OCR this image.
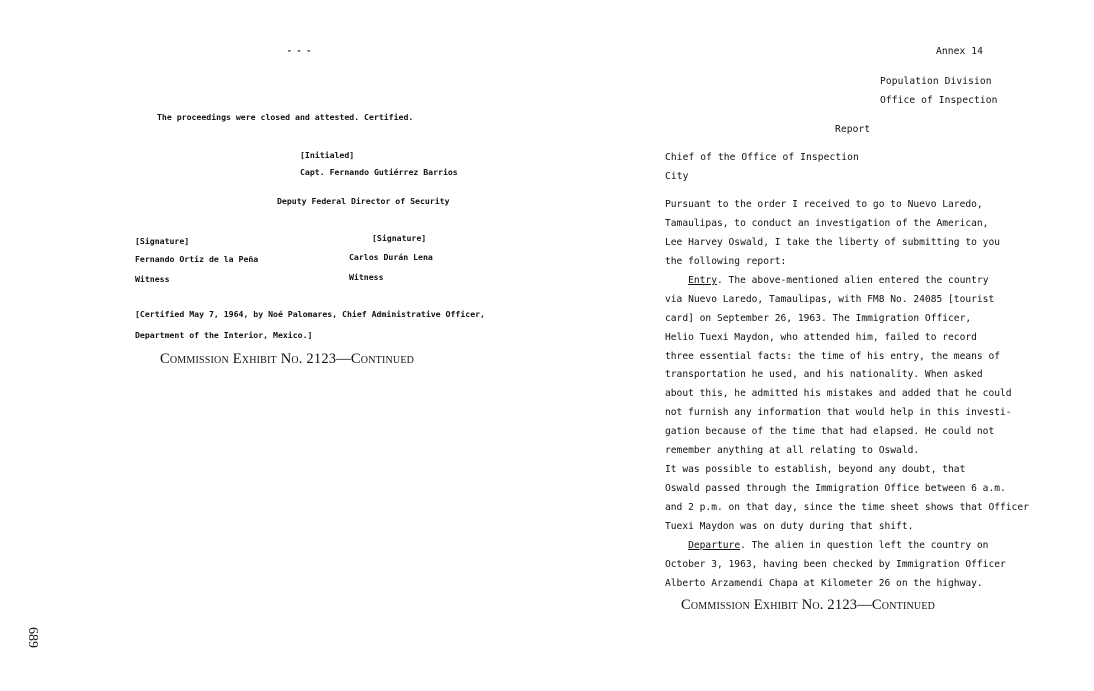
- - -
The proceedings were closed and attested. Certified.
[Initialed]
Capt. Fernando Gutiérrez Barrios
Deputy Federal Director of Security
[Signature]
Fernando Ortiz de la Peña
Witness
[Signature]
Carlos Durán Lena
Witness
[Certified May 7, 1964, by Noé Palomares, Chief Administrative Officer,
Department of the Interior, Mexico.]
Commission Exhibit No. 2123—Continued
689
Annex 14
Population Division
Office of Inspection
Report
Chief of the Office of Inspection
City
Pursuant to the order I received to go to Nuevo Laredo,
Tamaulipas, to conduct an investigation of the American,
Lee Harvey Oswald, I take the liberty of submitting to you
the following report:
Entry. The above-mentioned alien entered the country
via Nuevo Laredo, Tamaulipas, with FM8 No. 24085 [tourist
card] on September 26, 1963. The Immigration Officer,
Helio Tuexi Maydon, who attended him, failed to record
three essential facts: the time of his entry, the means of
transportation he used, and his nationality. When asked
about this, he admitted his mistakes and added that he could
not furnish any information that would help in this investi-
gation because of the time that had elapsed. He could not
remember anything at all relating to Oswald.
It was possible to establish, beyond any doubt, that
Oswald passed through the Immigration Office between 6 a.m.
and 2 p.m. on that day, since the time sheet shows that Officer
Tuexi Maydon was on duty during that shift.
Departure. The alien in question left the country on
October 3, 1963, having been checked by Immigration Officer
Alberto Arzamendi Chapa at Kilometer 26 on the highway.
Commission Exhibit No. 2123—Continued
